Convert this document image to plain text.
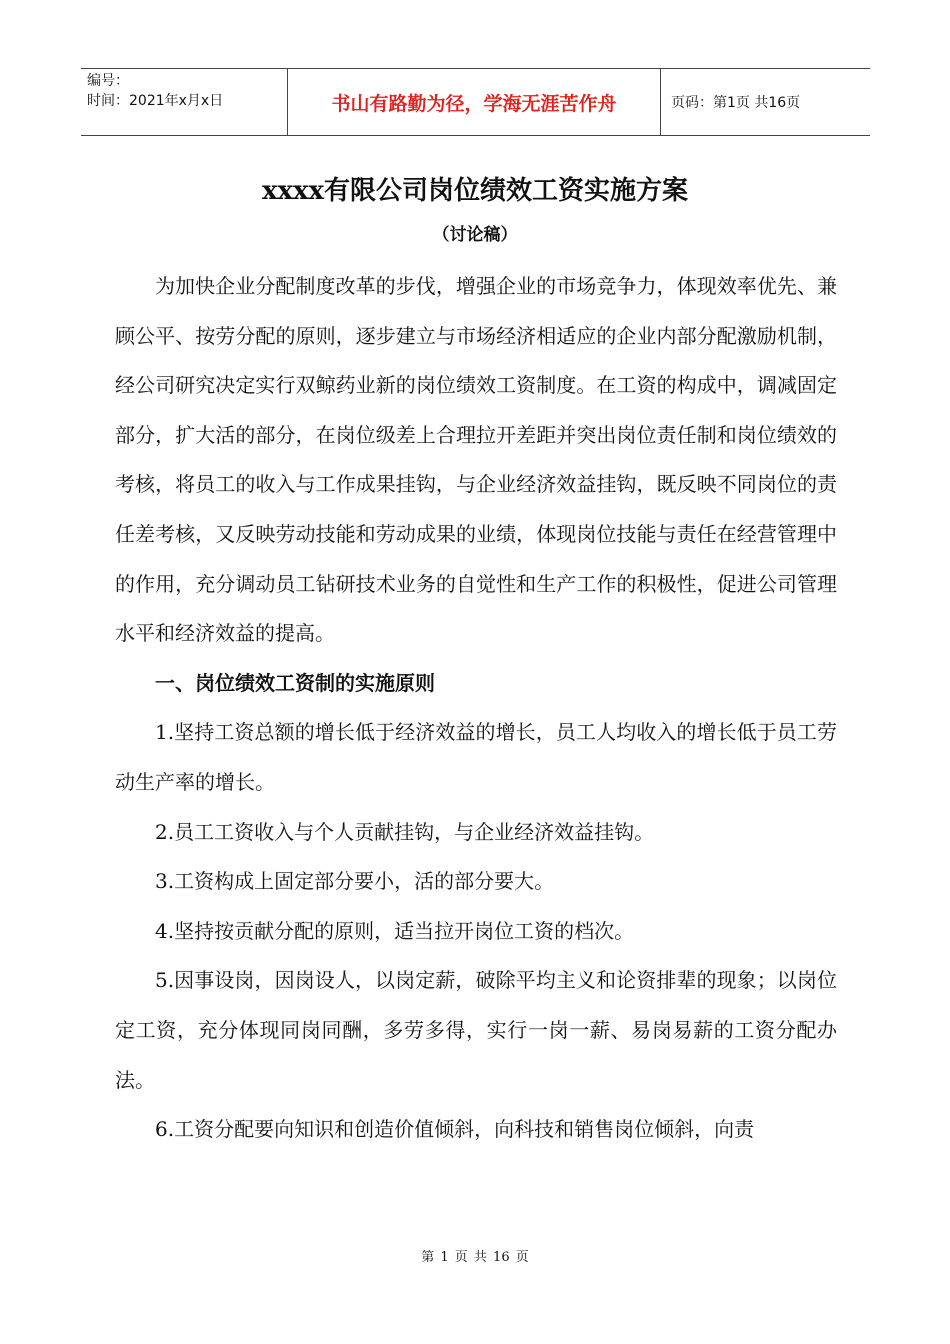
编号：
时间：2021年x月x日	书山有路勤为径，学海无涯苦作舟	页码：第1页 共16页
xxxx有限公司岗位绩效工资实施方案
（讨论稿）

为加快企业分配制度改革的步伐，增强企业的市场竞争力，体现效率优先、兼顾公平、按劳分配的原则，逐步建立与市场经济相适应的企业内部分配激励机制，经公司研究决定实行双鲸药业新的岗位绩效工资制度。在工资的构成中，调减固定部分，扩大活的部分，在岗位级差上合理拉开差距并突出岗位责任制和岗位绩效的考核，将员工的收入与工作成果挂钩，与企业经济效益挂钩，既反映不同岗位的责任差考核，又反映劳动技能和劳动成果的业绩，体现岗位技能与责任在经营管理中的作用，充分调动员工钻研技术业务的自觉性和生产工作的积极性，促进公司管理水平和经济效益的提高。

一、岗位绩效工资制的实施原则

1.坚持工资总额的增长低于经济效益的增长，员工人均收入的增长低于员工劳动生产率的增长。

2.员工工资收入与个人贡献挂钩，与企业经济效益挂钩。

3.工资构成上固定部分要小，活的部分要大。

4.坚持按贡献分配的原则，适当拉开岗位工资的档次。

5.因事设岗，因岗设人，以岗定薪，破除平均主义和论资排辈的现象；以岗位定工资，充分体现同岗同酬，多劳多得，实行一岗一薪、易岗易薪的工资分配办法。

6.工资分配要向知识和创造价值倾斜，向科技和销售岗位倾斜，向责

第 1 页 共 16 页
